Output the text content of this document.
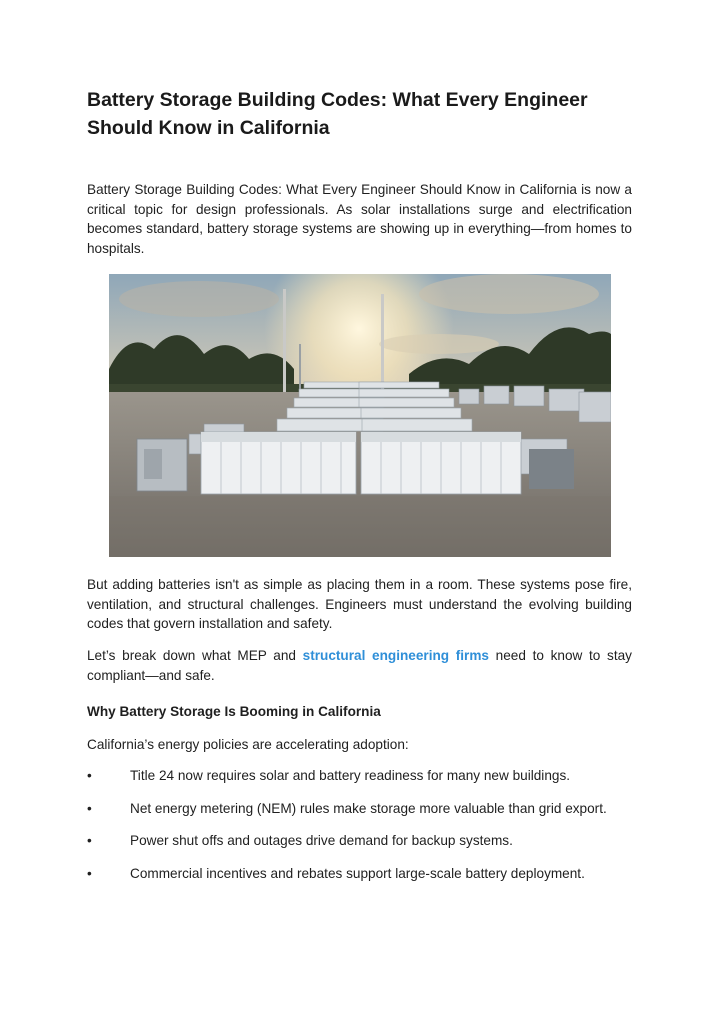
Battery Storage Building Codes: What Every Engineer Should Know in California

Battery Storage Building Codes: What Every Engineer Should Know in California is now a critical topic for design professionals. As solar installations surge and electrification becomes standard, battery storage systems are showing up in everything—from homes to hospitals.

But adding batteries isn't as simple as placing them in a room. These systems pose fire, ventilation, and structural challenges. Engineers must understand the evolving building codes that govern installation and safety.

Let’s break down what MEP and structural engineering firms need to know to stay compliant—and safe.

Why Battery Storage Is Booming in California

California’s energy policies are accelerating adoption:

•	Title 24 now requires solar and battery readiness for many new buildings.
•	Net energy metering (NEM) rules make storage more valuable than grid export.
•	Power shut offs and outages drive demand for backup systems.
•	Commercial incentives and rebates support large-scale battery deployment.
